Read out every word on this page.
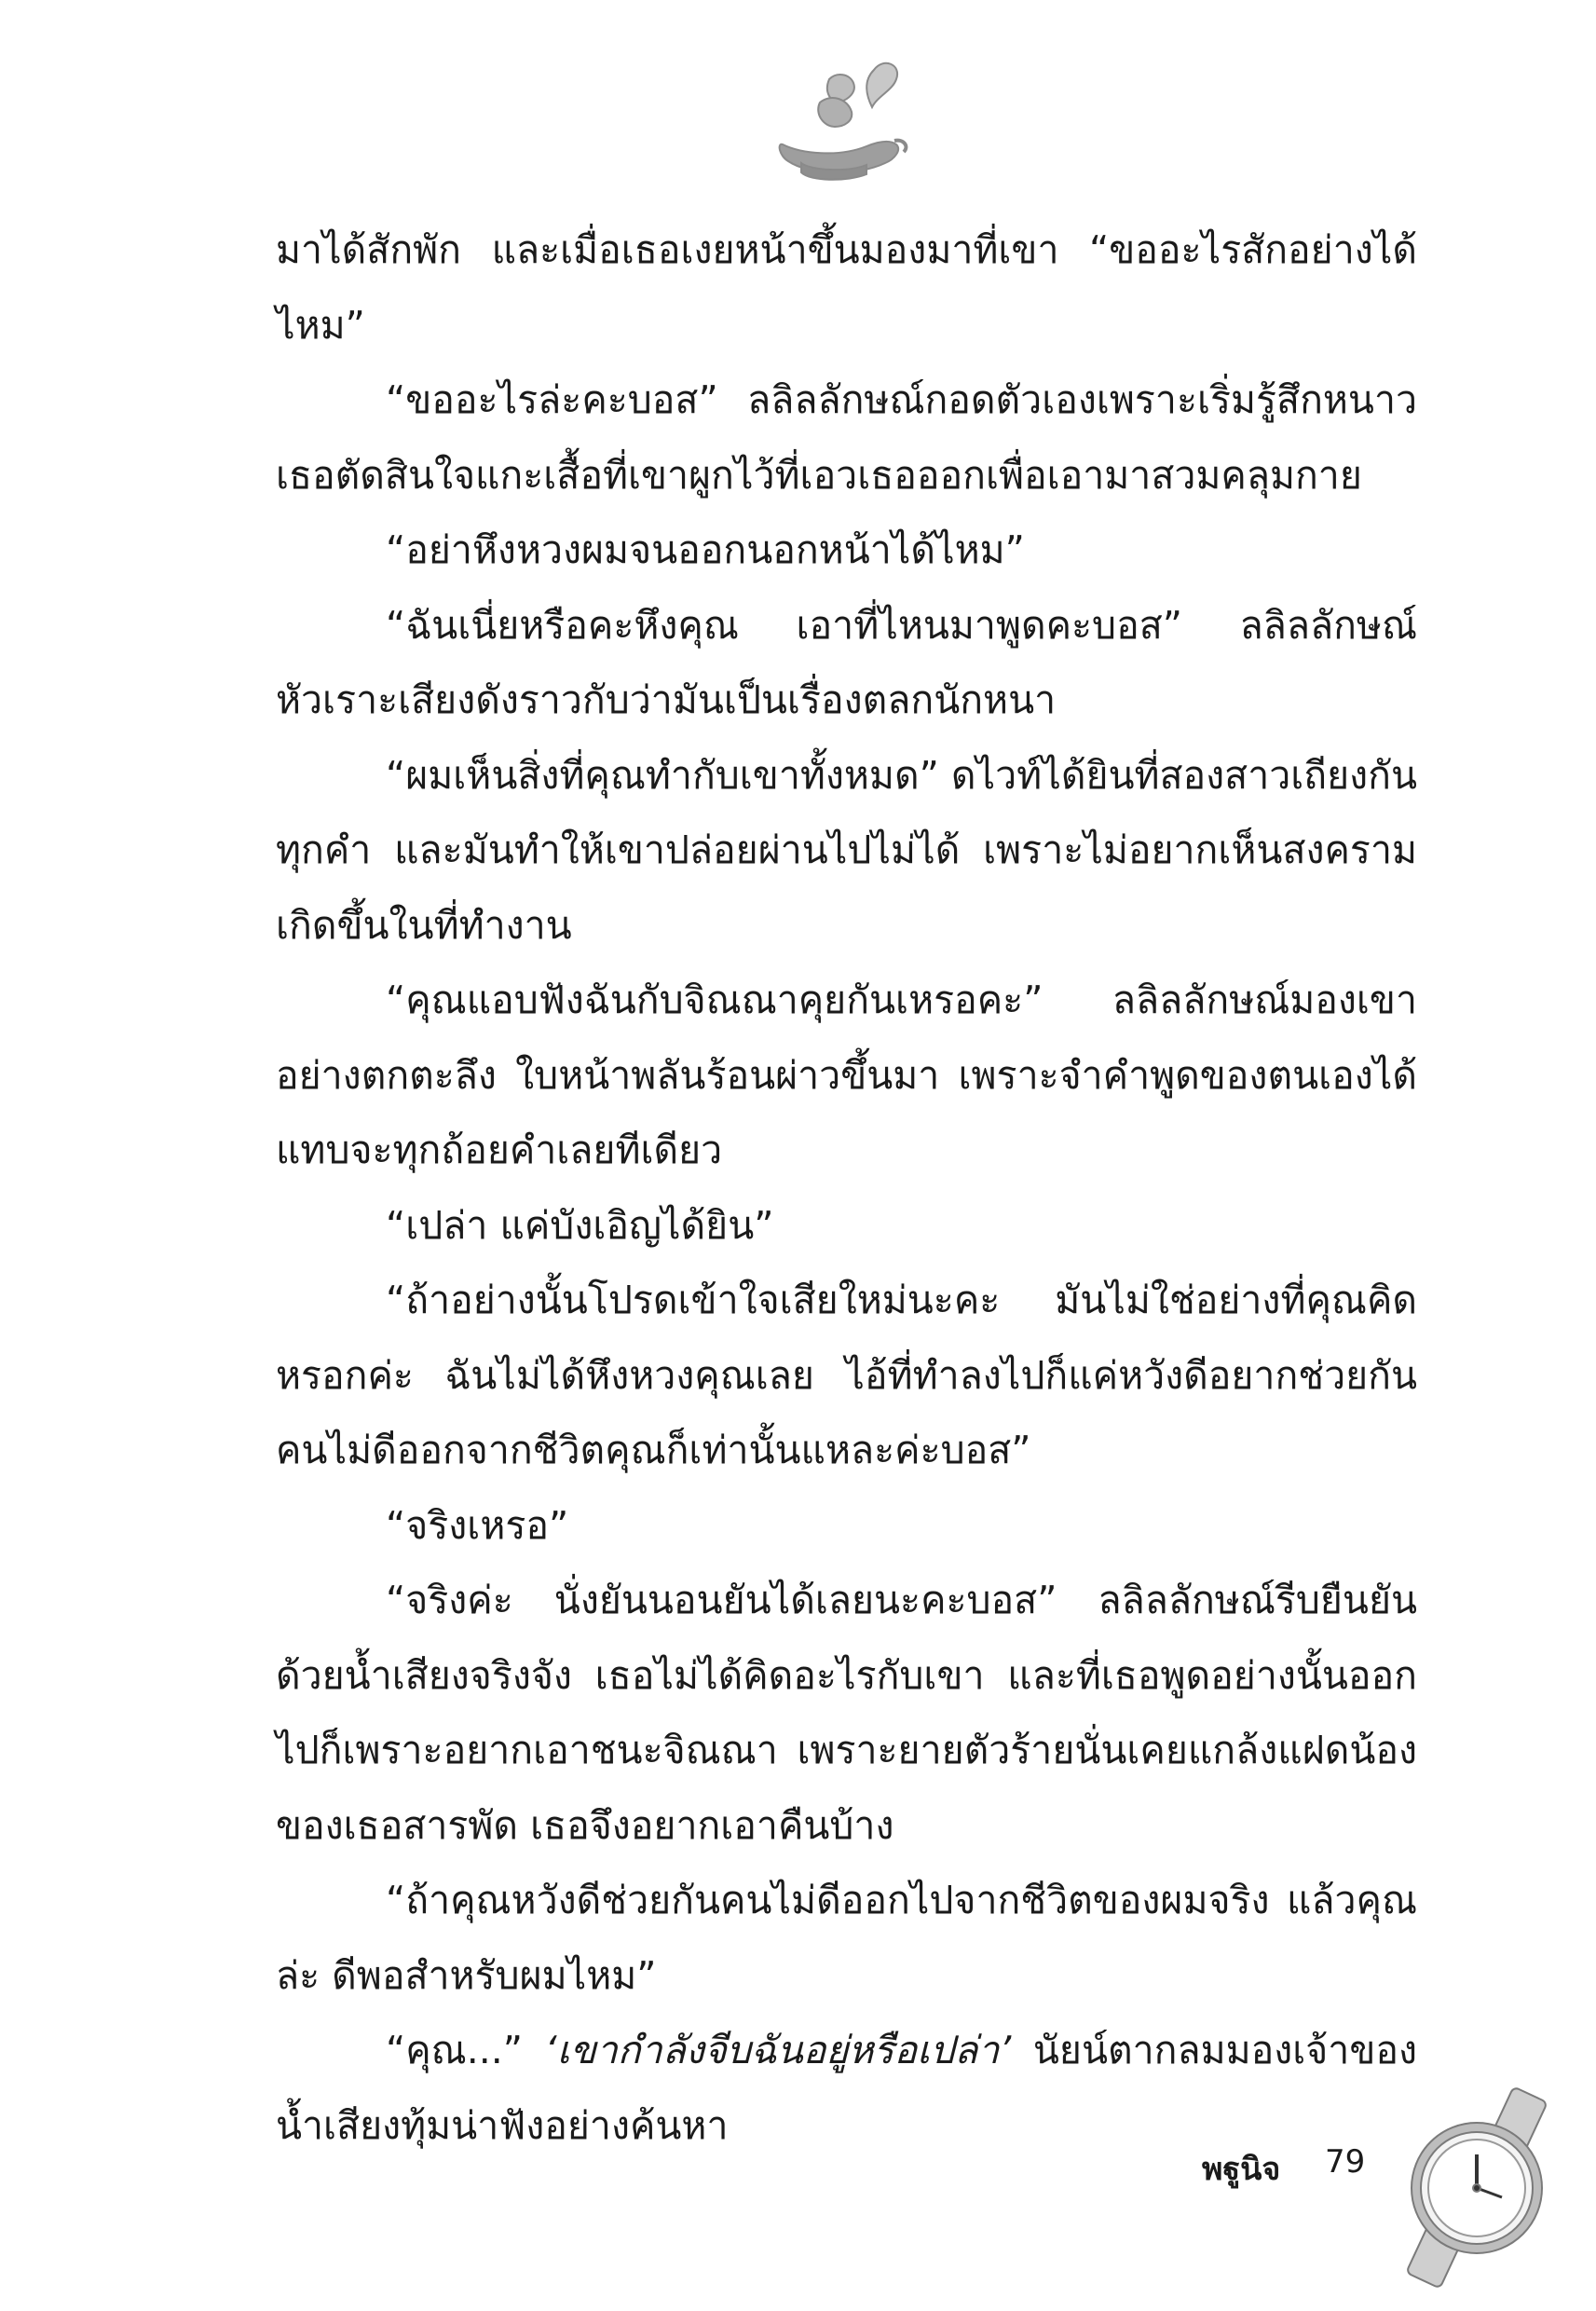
มาได้สักพัก และเมื่อเธอเงยหน้าขึ้นมองมาที่เขา “ขออะไรสักอย่างได้ไหม”

“ขออะไรล่ะคะบอส” ลลิลลักษณ์กอดตัวเองเพราะเริ่มรู้สึกหนาว เธอตัดสินใจแกะเสื้อที่เขาผูกไว้ที่เอวเธอออกเพื่อเอามาสวมคลุมกาย

“อย่าหึงหวงผมจนออกนอกหน้าได้ไหม”

“ฉันเนี่ยหรือคะหึงคุณ เอาที่ไหนมาพูดคะบอส” ลลิลลักษณ์หัวเราะเสียงดังราวกับว่ามันเป็นเรื่องตลกนักหนา

“ผมเห็นสิ่งที่คุณทำกับเขาทั้งหมด” ดไวท์ได้ยินที่สองสาวเถียงกันทุกคำ และมันทำให้เขาปล่อยผ่านไปไม่ได้ เพราะไม่อยากเห็นสงครามเกิดขึ้นในที่ทำงาน

“คุณแอบฟังฉันกับจิณณาคุยกันเหรอคะ” ลลิลลักษณ์มองเขาอย่างตกตะลึง ใบหน้าพลันร้อนผ่าวขึ้นมา เพราะจำคำพูดของตนเองได้แทบจะทุกถ้อยคำเลยทีเดียว

“เปล่า แค่บังเอิญได้ยิน”

“ถ้าอย่างนั้นโปรดเข้าใจเสียใหม่นะคะ มันไม่ใช่อย่างที่คุณคิดหรอกค่ะ ฉันไม่ได้หึงหวงคุณเลย ไอ้ที่ทำลงไปก็แค่หวังดีอยากช่วยกันคนไม่ดีออกจากชีวิตคุณก็เท่านั้นแหละค่ะบอส”

“จริงเหรอ”

“จริงค่ะ นั่งยันนอนยันได้เลยนะคะบอส” ลลิลลักษณ์รีบยืนยันด้วยน้ำเสียงจริงจัง เธอไม่ได้คิดอะไรกับเขา และที่เธอพูดอย่างนั้นออกไปก็เพราะอยากเอาชนะจิณณา เพราะยายตัวร้ายนั่นเคยแกล้งแฝดน้องของเธอสารพัด เธอจึงอยากเอาคืนบ้าง

“ถ้าคุณหวังดีช่วยกันคนไม่ดีออกไปจากชีวิตของผมจริง แล้วคุณล่ะ ดีพอสำหรับผมไหม”

“คุณ...” ‘เขากำลังจีบฉันอยู่หรือเปล่า’ นัยน์ตากลมมองเจ้าของน้ำเสียงทุ้มน่าฟังอย่างค้นหา

พฐูนิจ 79
